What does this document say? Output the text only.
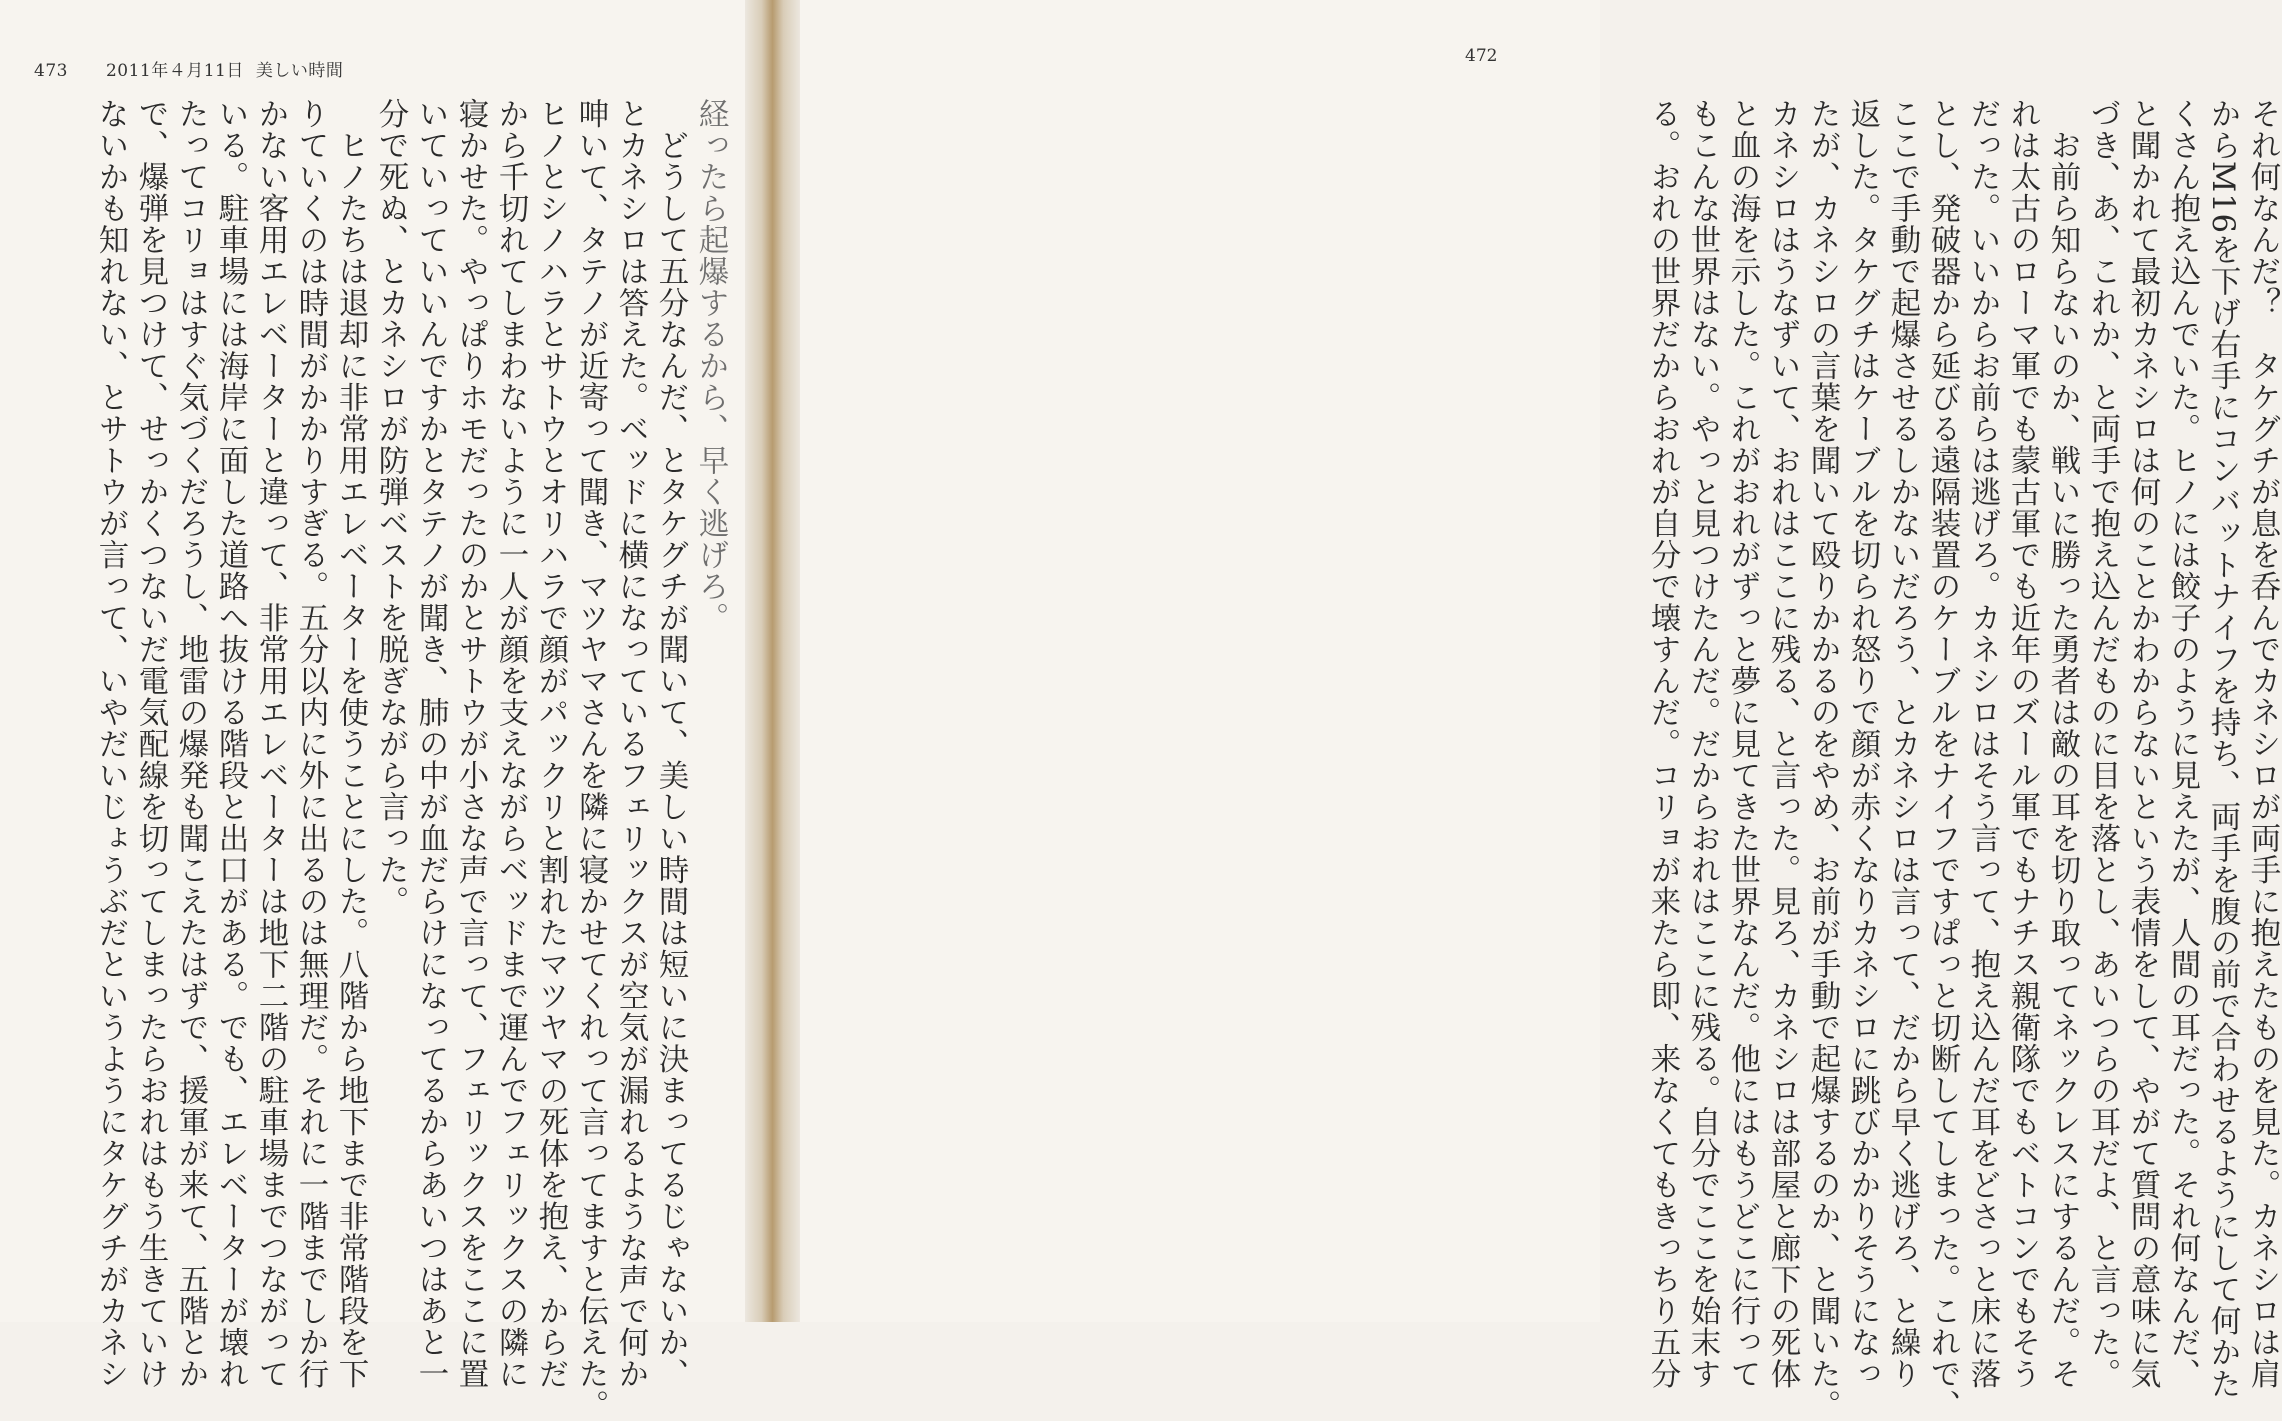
473 2011年４月11日 美しい時間

経ったら起爆するから、早く逃げろ。

　どうして五分なんだ、とタケグチが聞いて、美しい時間は短いに決まってるじゃないか、

とカネシロは答えた。ベッドに横になっているフェリックスが空気が漏れるような声で何か

呻いて、タテノが近寄って聞き、マツヤマさんを隣に寝かせてくれって言ってますと伝えた。

ヒノとシノハラとサトウとオリハラで顔がパックリと割れたマツヤマの死体を抱え、からだ

から千切れてしまわないように一人が顔を支えながらベッドまで運んでフェリックスの隣に

寝かせた。やっぱりホモだったのかとサトウが小さな声で言って、フェリックスをここに置

いていっていいんですかとタテノが聞き、肺の中が血だらけになってるからあいつはあと一

分で死ぬ、とカネシロが防弾ベストを脱ぎながら言った。

　ヒノたちは退却に非常用エレベーターを使うことにした。八階から地下まで非常階段を下

りていくのは時間がかかりすぎる。五分以内に外に出るのは無理だ。それに一階までしか行

かない客用エレベーターと違って、非常用エレベーターは地下二階の駐車場までつながって

いる。駐車場には海岸に面した道路へ抜ける階段と出口がある。でも、エレベーターが壊れ

たってコリョはすぐ気づくだろうし、地雷の爆発も聞こえたはずで、援軍が来て、五階とか

で、爆弾を見つけて、せっかくつないだ電気配線を切ってしまったらおれはもう生きていけ

ないかも知れない、とサトウが言って、いやだいじょうぶだというようにタケグチがカネシ	それ何なんだ？　タケグチが息を呑んでカネシロが両手に抱えたものを見た。カネシロは肩

からM16を下げ右手にコンバットナイフを持ち、両手を腹の前で合わせるようにして何かた

くさん抱え込んでいた。ヒノには餃子のように見えたが、人間の耳だった。それ何なんだ、

と聞かれて最初カネシロは何のことかわからないという表情をして、やがて質問の意味に気

づき、あ、これか、と両手で抱え込んだものに目を落とし、あいつらの耳だよ、と言った。

　お前ら知らないのか、戦いに勝った勇者は敵の耳を切り取ってネックレスにするんだ。そ

れは太古のローマ軍でも蒙古軍でも近年のズール軍でもナチス親衛隊でもベトコンでもそう

だった。いいからお前らは逃げろ。カネシロはそう言って、抱え込んだ耳をどさっと床に落

とし、発破器から延びる遠隔装置のケーブルをナイフですぱっと切断してしまった。これで、

ここで手動で起爆させるしかないだろう、とカネシロは言って、だから早く逃げろ、と繰り

返した。タケグチはケーブルを切られ怒りで顔が赤くなりカネシロに跳びかかりそうになっ

たが、カネシロの言葉を聞いて殴りかかるのをやめ、お前が手動で起爆するのか、と聞いた。

カネシロはうなずいて、おれはここに残る、と言った。見ろ、カネシロは部屋と廊下の死体

と血の海を示した。これがおれがずっと夢に見てきた世界なんだ。他にはもうどこに行って

もこんな世界はない。やっと見つけたんだ。だからおれはここに残る。自分でここを始末す

る。おれの世界だからおれが自分で壊すんだ。コリョが来たら即、来なくてもきっちり五分

472
